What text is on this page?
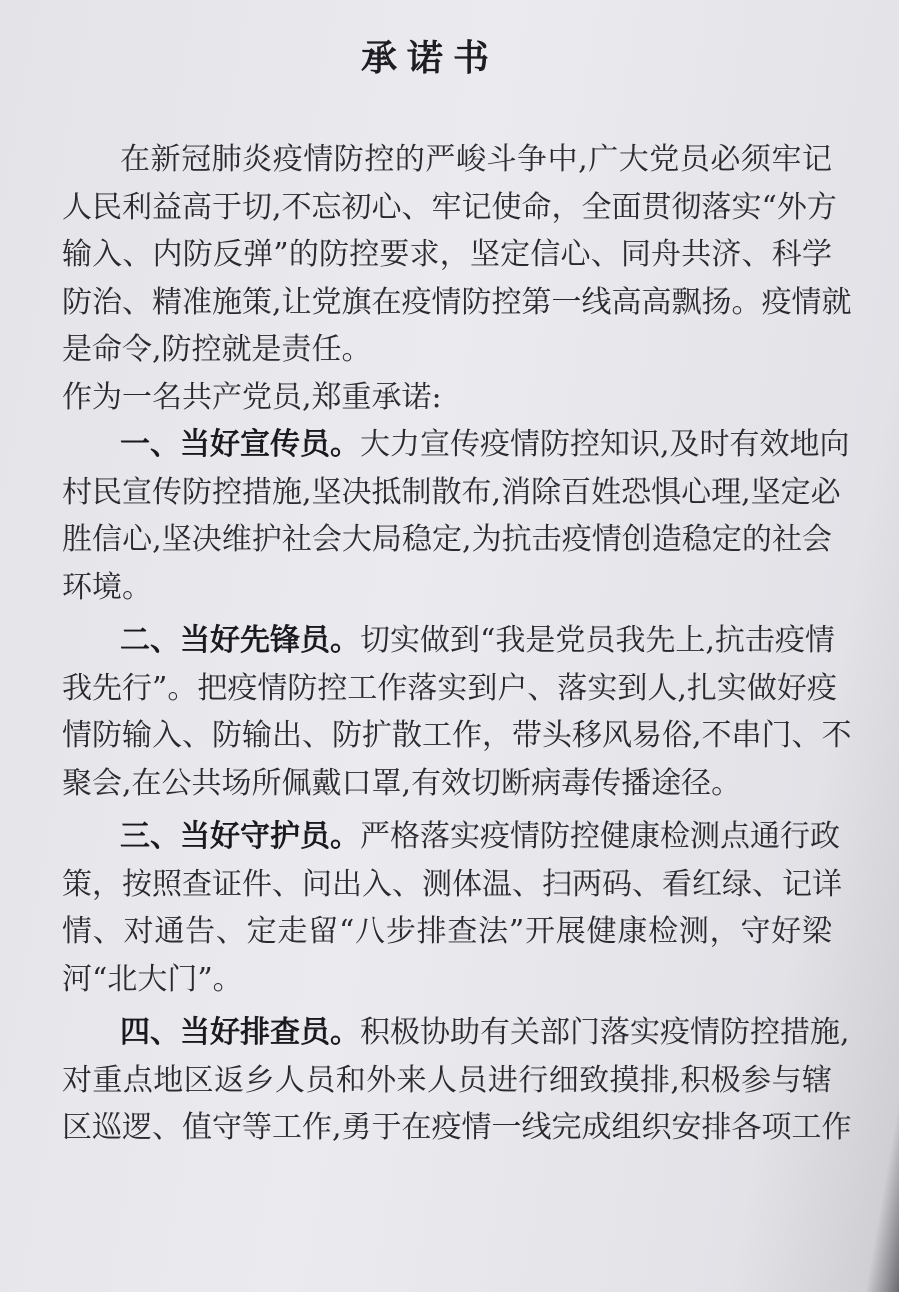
承诺书
在新冠肺炎疫情防控的严峻斗争中,广大党员必须牢记
人民利益高于切,不忘初心、牢记使命，全面贯彻落实“外方
输入、内防反弹”的防控要求，坚定信心、同舟共济、科学
防治、精准施策,让党旗在疫情防控第一线高高飘扬。疫情就
是命令,防控就是责任。
作为一名共产党员,郑重承诺:
一、当好宣传员。大力宣传疫情防控知识,及时有效地向
村民宣传防控措施,坚决抵制散布,消除百姓恐惧心理,坚定必
胜信心,坚决维护社会大局稳定,为抗击疫情创造稳定的社会
环境。
二、当好先锋员。切实做到“我是党员我先上,抗击疫情
我先行”。把疫情防控工作落实到户、落实到人,扎实做好疫
情防输入、防输出、防扩散工作，带头移风易俗,不串门、不
聚会,在公共场所佩戴口罩,有效切断病毒传播途径。
三、当好守护员。严格落实疫情防控健康检测点通行政
策，按照查证件、问出入、测体温、扫两码、看红绿、记详
情、对通告、定走留“八步排查法”开展健康检测，守好梁
河“北大门”。
四、当好排查员。积极协助有关部门落实疫情防控措施,
对重点地区返乡人员和外来人员进行细致摸排,积极参与辖
区巡逻、值守等工作,勇于在疫情一线完成组织安排各项工作
